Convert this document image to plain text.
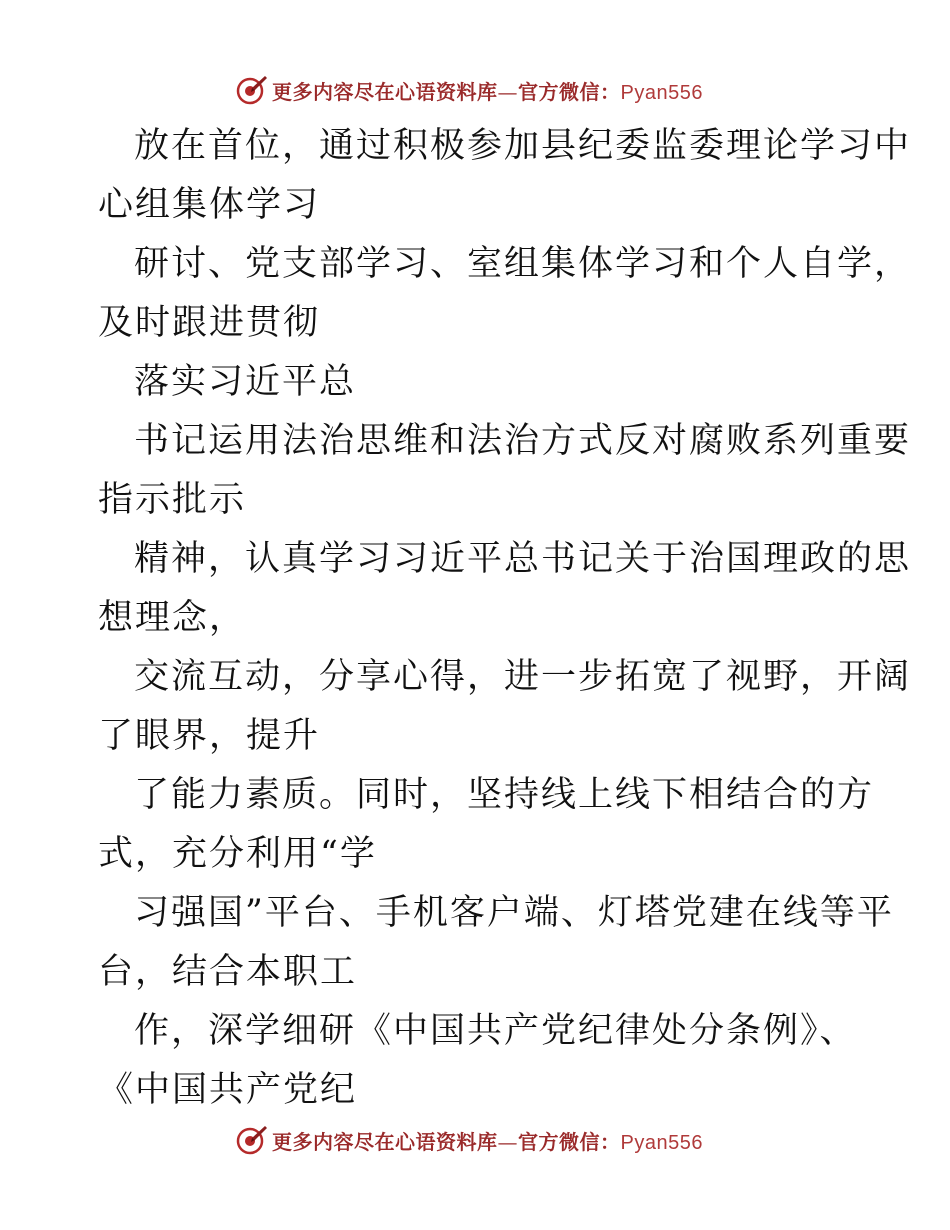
更多内容尽在心语资料库—官方微信：Pyan556
放在首位，通过积极参加县纪委监委理论学习中
心组集体学习
研讨、党支部学习、室组集体学习和个人自学，
及时跟进贯彻
落实习近平总
书记运用法治思维和法治方式反对腐败系列重要
指示批示
精神，认真学习习近平总书记关于治国理政的思
想理念，
交流互动，分享心得，进一步拓宽了视野，开阔
了眼界，提升
了能力素质。同时，坚持线上线下相结合的方
式，充分利用“学
习强国”平台、手机客户端、灯塔党建在线等平
台，结合本职工
作，深学细研《中国共产党纪律处分条例》、
《中国共产党纪
更多内容尽在心语资料库—官方微信：Pyan556
